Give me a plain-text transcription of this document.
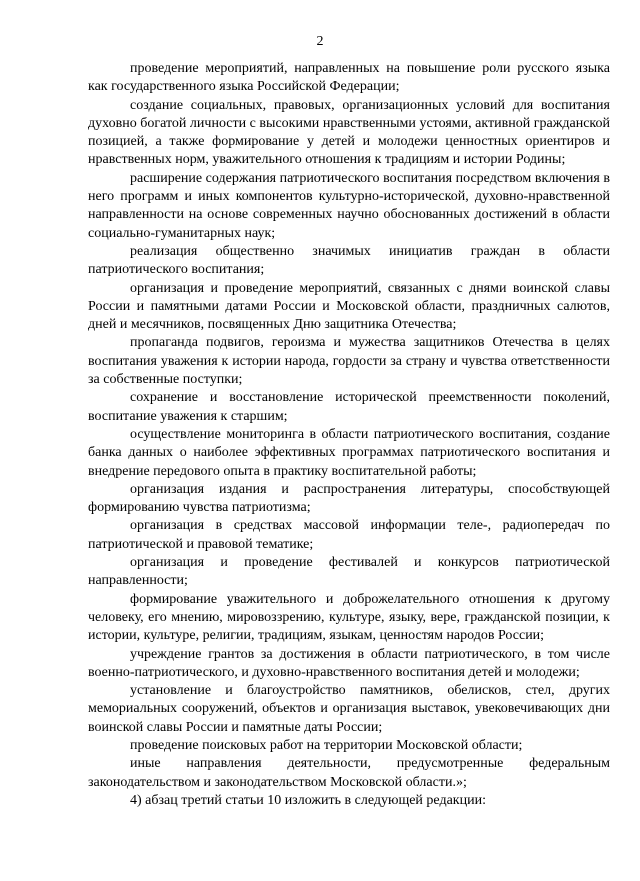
2

проведение мероприятий, направленных на повышение роли русского языка как государственного языка Российской Федерации;

создание социальных, правовых, организационных условий для воспитания духовно богатой личности с высокими нравственными устоями, активной гражданской позицией, а также формирование у детей и молодежи ценностных ориентиров и нравственных норм, уважительного отношения к традициям и истории Родины;

расширение содержания патриотического воспитания посредством включения в него программ и иных компонентов культурно-исторической, духовно-нравственной направленности на основе современных научно обоснованных достижений в области социально-гуманитарных наук;

реализация общественно значимых инициатив граждан в области патриотического воспитания;

организация и проведение мероприятий, связанных с днями воинской славы России и памятными датами России и Московской области, праздничных салютов, дней и месячников, посвященных Дню защитника Отечества;

пропаганда подвигов, героизма и мужества защитников Отечества в целях воспитания уважения к истории народа, гордости за страну и чувства ответственности за собственные поступки;

сохранение и восстановление исторической преемственности поколений, воспитание уважения к старшим;

осуществление мониторинга в области патриотического воспитания, создание банка данных о наиболее эффективных программах патриотического воспитания и внедрение передового опыта в практику воспитательной работы;

организация издания и распространения литературы, способствующей формированию чувства патриотизма;

организация в средствах массовой информации теле-, радиопередач по патриотической и правовой тематике;

организация и проведение фестивалей и конкурсов патриотической направленности;

формирование уважительного и доброжелательного отношения к другому человеку, его мнению, мировоззрению, культуре, языку, вере, гражданской позиции, к истории, культуре, религии, традициям, языкам, ценностям народов России;

учреждение грантов за достижения в области патриотического, в том числе военно-патриотического, и духовно-нравственного воспитания детей и молодежи;

установление и благоустройство памятников, обелисков, стел, других мемориальных сооружений, объектов и организация выставок, увековечивающих дни воинской славы России и памятные даты России;

проведение поисковых работ на территории Московской области;

иные направления деятельности, предусмотренные федеральным законодательством и законодательством Московской области.»;

4) абзац третий статьи 10 изложить в следующей редакции:
